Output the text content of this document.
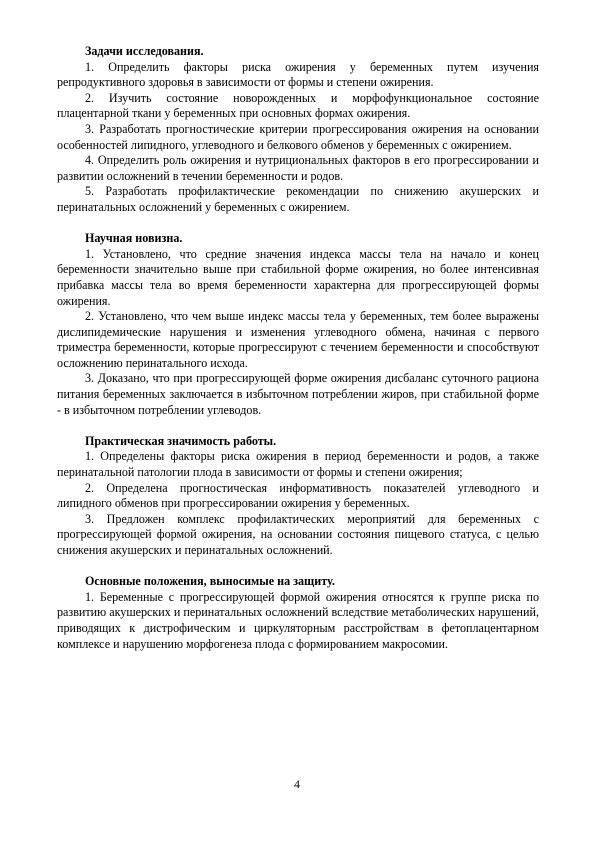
Задачи исследования.

1. Определить факторы риска ожирения у беременных путем изучения репродуктивного здоровья в зависимости от формы и степени ожирения.

2. Изучить состояние новорожденных и морфофункциональное состояние плацентарной ткани у беременных при основных формах ожирения.

3. Разработать прогностические критерии прогрессирования ожирения на основании особенностей липидного, углеводного и белкового обменов у беременных с ожирением.

4. Определить роль ожирения и нутрициональных факторов в его прогрессировании и развитии осложнений в течении беременности и родов.

5. Разработать профилактические рекомендации по снижению акушерских и перинатальных осложнений у беременных с ожирением.

Научная новизна.

1. Установлено, что средние значения индекса массы тела на начало и конец беременности значительно выше при стабильной форме ожирения, но более интенсивная прибавка массы тела во время беременности характерна для прогрессирующей формы ожирения.

2. Установлено, что чем выше индекс массы тела у беременных, тем более выражены дислипидемические нарушения и изменения углеводного обмена, начиная с первого триместра беременности, которые прогрессируют с течением беременности и способствуют осложнению перинатального исхода.

3. Доказано, что при прогрессирующей форме ожирения дисбаланс суточного рациона питания беременных заключается в избыточном потреблении жиров, при стабильной форме - в избыточном потреблении углеводов.

Практическая значимость работы.

1. Определены факторы риска ожирения в период беременности и родов, а также перинатальной патологии плода в зависимости от формы и степени ожирения;

2. Определена прогностическая информативность показателей углеводного и липидного обменов при прогрессировании ожирения у беременных.

3. Предложен комплекс профилактических мероприятий для беременных с прогрессирующей формой ожирения, на основании состояния пищевого статуса, с целью снижения акушерских и перинатальных осложнений.

Основные положения, выносимые на защиту.

1. Беременные с прогрессирующей формой ожирения относятся к группе риска по развитию акушерских и перинатальных осложнений вследствие метаболических нарушений, приводящих к дистрофическим и циркуляторным расстройствам в фетоплацентарном комплексе и нарушению морфогенеза плода с формированием макросомии.

4
